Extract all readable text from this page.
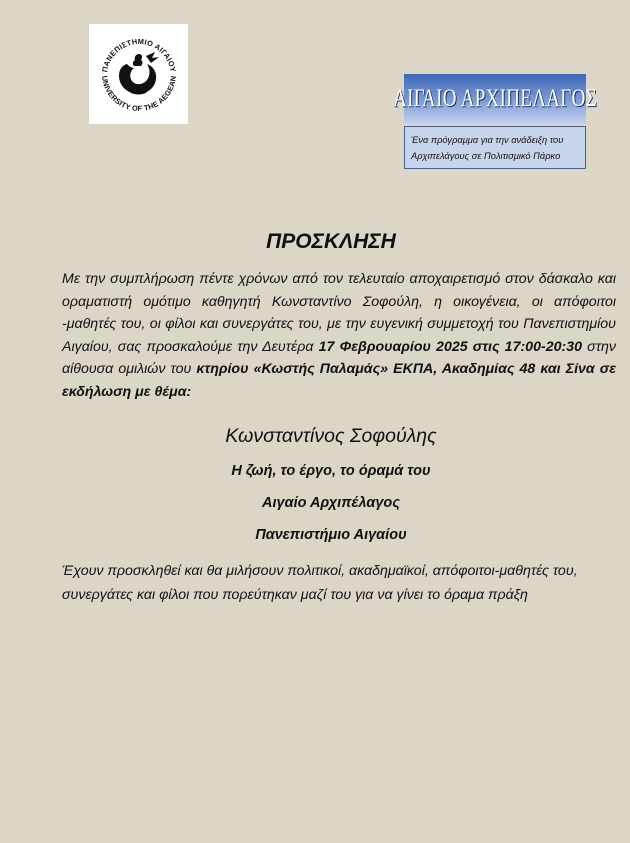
ΠΑΝΕΠΙΣΤΗΜΙΟ ΑΙΓΑΙΟΥ
UNIVERSITY OF THE AEGEAN
ΑΙΓΑΙΟ ΑΡΧΙΠΕΛΑΓΟΣ
Ένα πρόγραμμα για την ανάδειξη του
Αρχιπελάγους σε Πολιτισμικό Πάρκο
ΠΡΟΣΚΛΗΣΗ

Με την συμπλήρωση πέντε χρόνων από τον τελευταίο αποχαιρετισμό στον δάσκαλο και οραματιστή ομότιμο καθηγητή Κωνσταντίνο Σοφούλη, η οικογένεια, οι απόφοιτοι -μαθητές του, οι φίλοι και συνεργάτες του, με την ευγενική συμμετοχή του Πανεπιστημίου Αιγαίου, σας προσκαλούμε την Δευτέρα 17 Φεβρουαρίου 2025 στις 17:00-20:30 στην αίθουσα ομιλιών του κτηρίου «Κωστής Παλαμάς» ΕΚΠΑ, Ακαδημίας 48 και Σίνα σε εκδήλωση με θέμα:

Κωνσταντίνος Σοφούλης
Η ζωή, το έργο, το όραμά του
Αιγαίο Αρχιπέλαγος
Πανεπιστήμιο Αιγαίου

Έχουν προσκληθεί και θα μιλήσουν πολιτικοί, ακαδημαϊκοί, απόφοιτοι-μαθητές του, συνεργάτες και φίλοι που πορεύτηκαν μαζί του για να γίνει το όραμα πράξη
